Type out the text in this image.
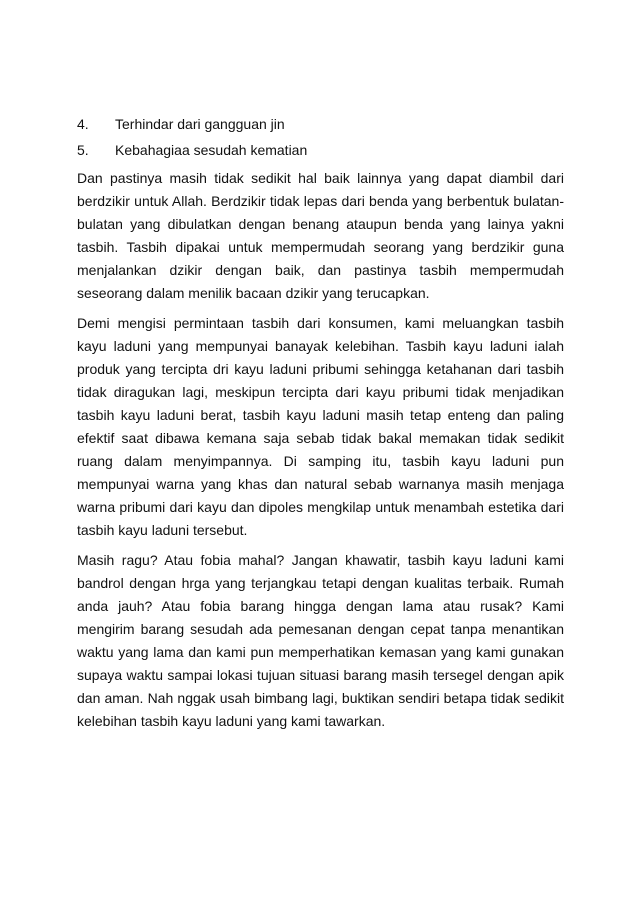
4.	Terhindar dari gangguan jin
5.	Kebahagiaa sesudah kematian

Dan pastinya masih tidak sedikit hal baik lainnya yang dapat diambil dari berdzikir untuk Allah. Berdzikir tidak lepas dari benda yang berbentuk bulatan-bulatan yang dibulatkan dengan benang ataupun benda yang lainya yakni tasbih. Tasbih dipakai untuk mempermudah seorang yang berdzikir guna menjalankan dzikir dengan baik, dan pastinya tasbih mempermudah seseorang dalam menilik bacaan dzikir yang terucapkan.

Demi mengisi permintaan tasbih dari konsumen, kami meluangkan tasbih kayu laduni yang mempunyai banayak kelebihan. Tasbih kayu laduni ialah produk yang tercipta dri kayu laduni pribumi sehingga ketahanan dari tasbih tidak diragukan lagi, meskipun tercipta dari kayu pribumi tidak menjadikan tasbih kayu laduni berat, tasbih kayu laduni masih tetap enteng dan paling efektif saat dibawa kemana saja sebab tidak bakal memakan tidak sedikit ruang dalam menyimpannya. Di samping itu, tasbih kayu laduni pun mempunyai warna yang khas dan natural sebab warnanya masih menjaga warna pribumi dari kayu dan dipoles mengkilap untuk menambah estetika dari tasbih kayu laduni tersebut.

Masih ragu? Atau fobia mahal? Jangan khawatir, tasbih kayu laduni kami bandrol dengan hrga yang terjangkau tetapi dengan kualitas terbaik. Rumah anda jauh? Atau fobia barang hingga dengan lama atau rusak? Kami mengirim barang sesudah ada pemesanan dengan cepat tanpa menantikan waktu yang lama dan kami pun memperhatikan kemasan yang kami gunakan supaya waktu sampai lokasi tujuan situasi barang masih tersegel dengan apik dan aman. Nah nggak usah bimbang lagi, buktikan sendiri betapa tidak sedikit kelebihan tasbih kayu laduni yang kami tawarkan.
